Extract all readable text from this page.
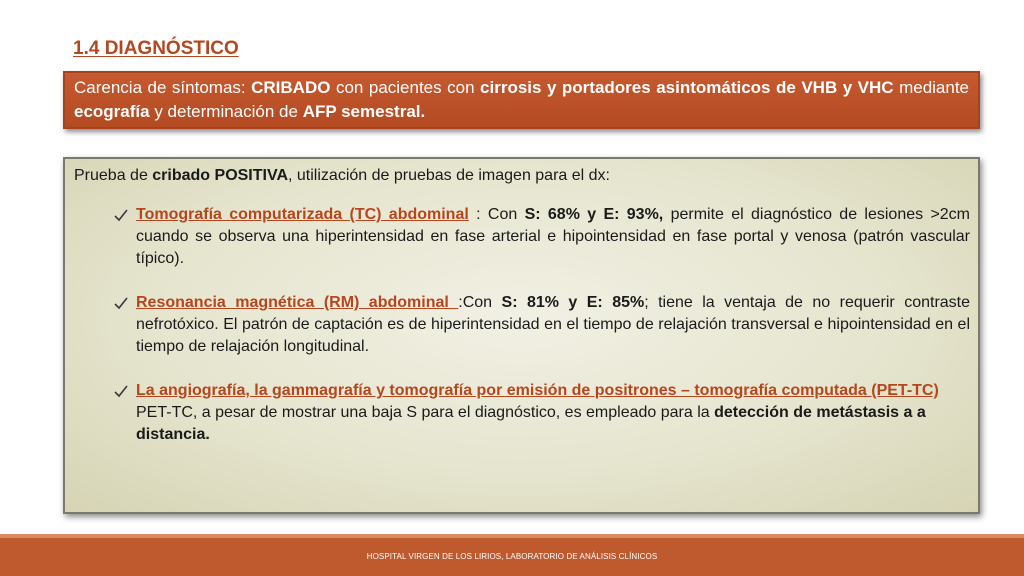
1.4 DIAGNÓSTICO
Carencia de síntomas: CRIBADO con pacientes con cirrosis y portadores asintomáticos de VHB y VHC mediante ecografía y determinación de AFP semestral.
Prueba de cribado POSITIVA, utilización de pruebas de imagen para el dx:
Tomografía computarizada (TC) abdominal : Con S: 68% y E: 93%, permite el diagnóstico de lesiones >2cm cuando se observa una hiperintensidad en fase arterial e hipointensidad en fase portal y venosa (patrón vascular típico).
Resonancia magnética (RM) abdominal :Con S: 81% y E: 85%; tiene la ventaja de no requerir contraste nefrotóxico. El patrón de captación es de hiperintensidad en el tiempo de relajación transversal e hipointensidad en el tiempo de relajación longitudinal.
La angiografía, la gammagrafía y tomografía por emisión de positrones – tomografía computada (PET-TC)
PET-TC, a pesar de mostrar una baja S para el diagnóstico, es empleado para la detección de metástasis a a distancia.
HOSPITAL VIRGEN DE LOS LIRIOS, LABORATORIO DE ANÁLISIS CLÍNICOS
